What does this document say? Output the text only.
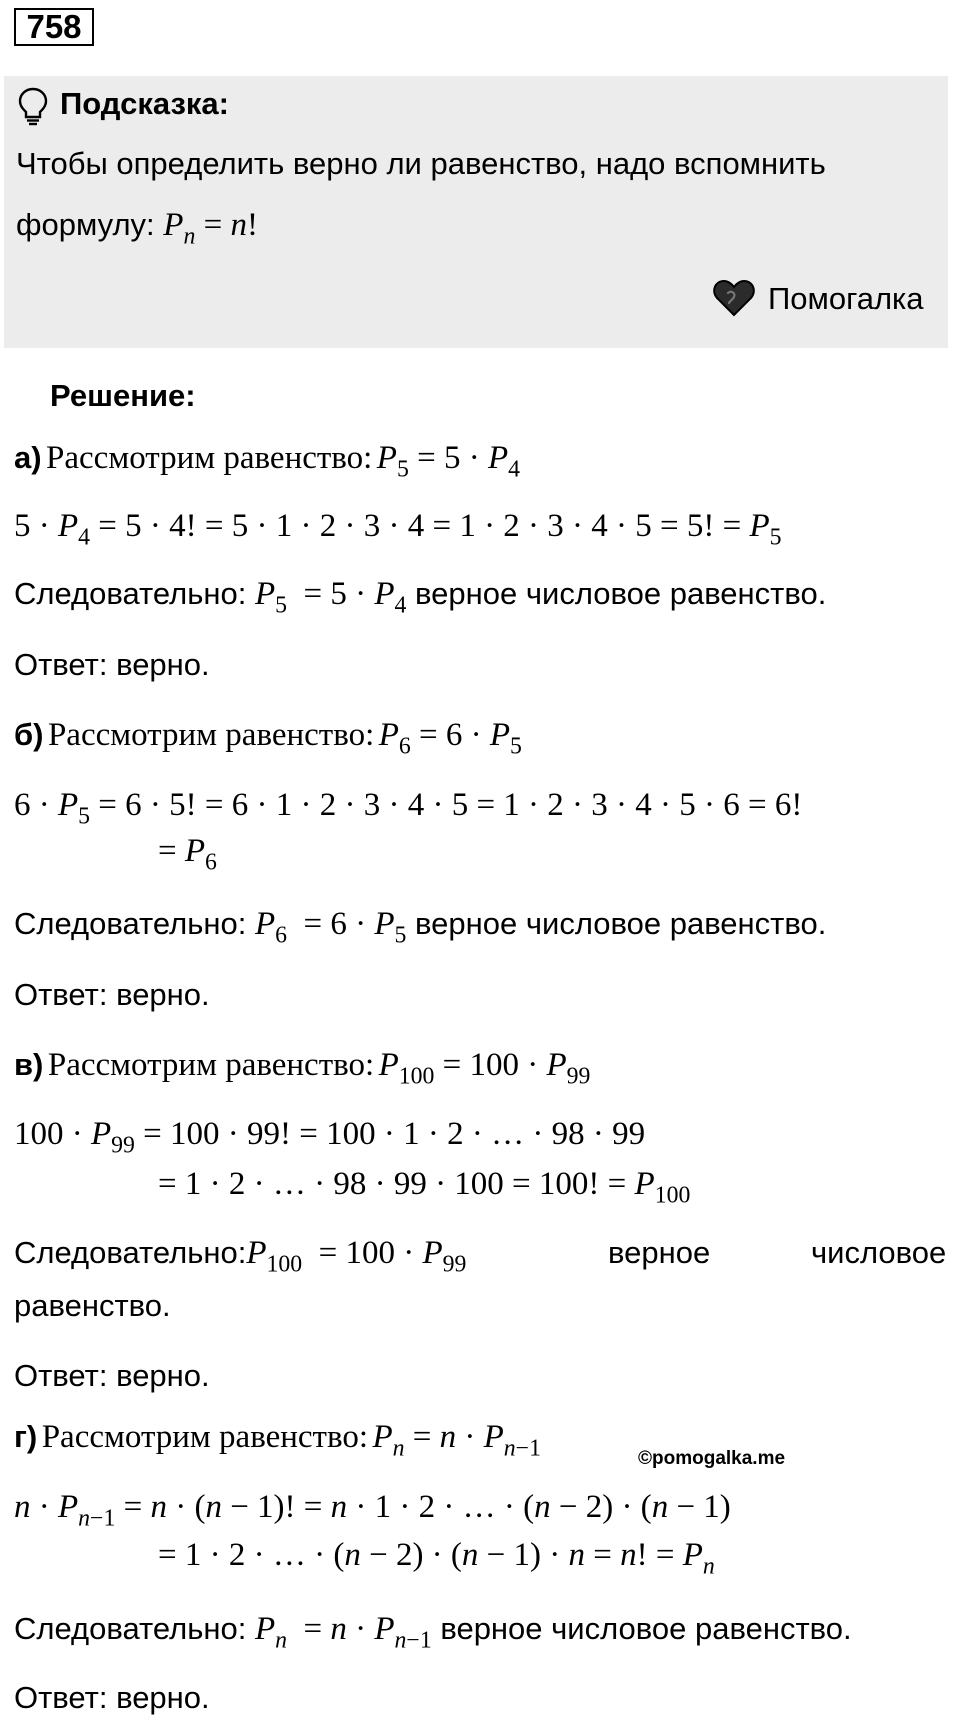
758
Подсказка:
Чтобы определить верно ли равенство, надо вспомнить
формулу: $P_n = n$!
Помогалка
Решение:
а) Рассмотрим равенство: $P_5 = 5 \cdot P_4$
$5 \cdot P_4 = 5 \cdot 4$! = 5 · 1 · 2 · 3 · 4 = 1 · 2 · 3 · 4 · 5 = 5! = $P_5$
Следовательно: $P_5 = 5 \cdot P_4$ верное числовое равенство.
Ответ: верно.
б) Рассмотрим равенство: $P_6 = 6 \cdot P_5$
$6 \cdot P_5 = 6 \cdot 5$! = 6 · 1 · 2 · 3 · 4 · 5 = 1 · 2 · 3 · 4 · 5 · 6 = 6!
= $P_6$
Следовательно: $P_6 = 6 \cdot P_5$ верное числовое равенство.
Ответ: верно.
в) Рассмотрим равенство: $P_{100} = 100 \cdot P_{99}$
$100 \cdot P_{99} = 100 \cdot 99$! = 100 · 1 · 2 · … · 98 · 99
= 1 · 2 · … · 98 · 99 · 100 = 100! = $P_{100}$
$Следовательно:P_{100} = 100 \cdot P_{99}$	верное	числовое
равенство.
Ответ: верно.
г) Рассмотрим равенство: $P_n = n \cdot P_{n-1}$	©pomogalka.me
$n \cdot P_{n-1} = n \cdot (n - 1)$! = n · 1 · 2 · … · (n − 2) · (n − 1)
= 1 · 2 · … · (n − 2) · (n − 1) · n = n! = $P_n$
Следовательно: $P_n = n \cdot P_{n-1}$ верное числовое равенство.
Ответ: верно.
